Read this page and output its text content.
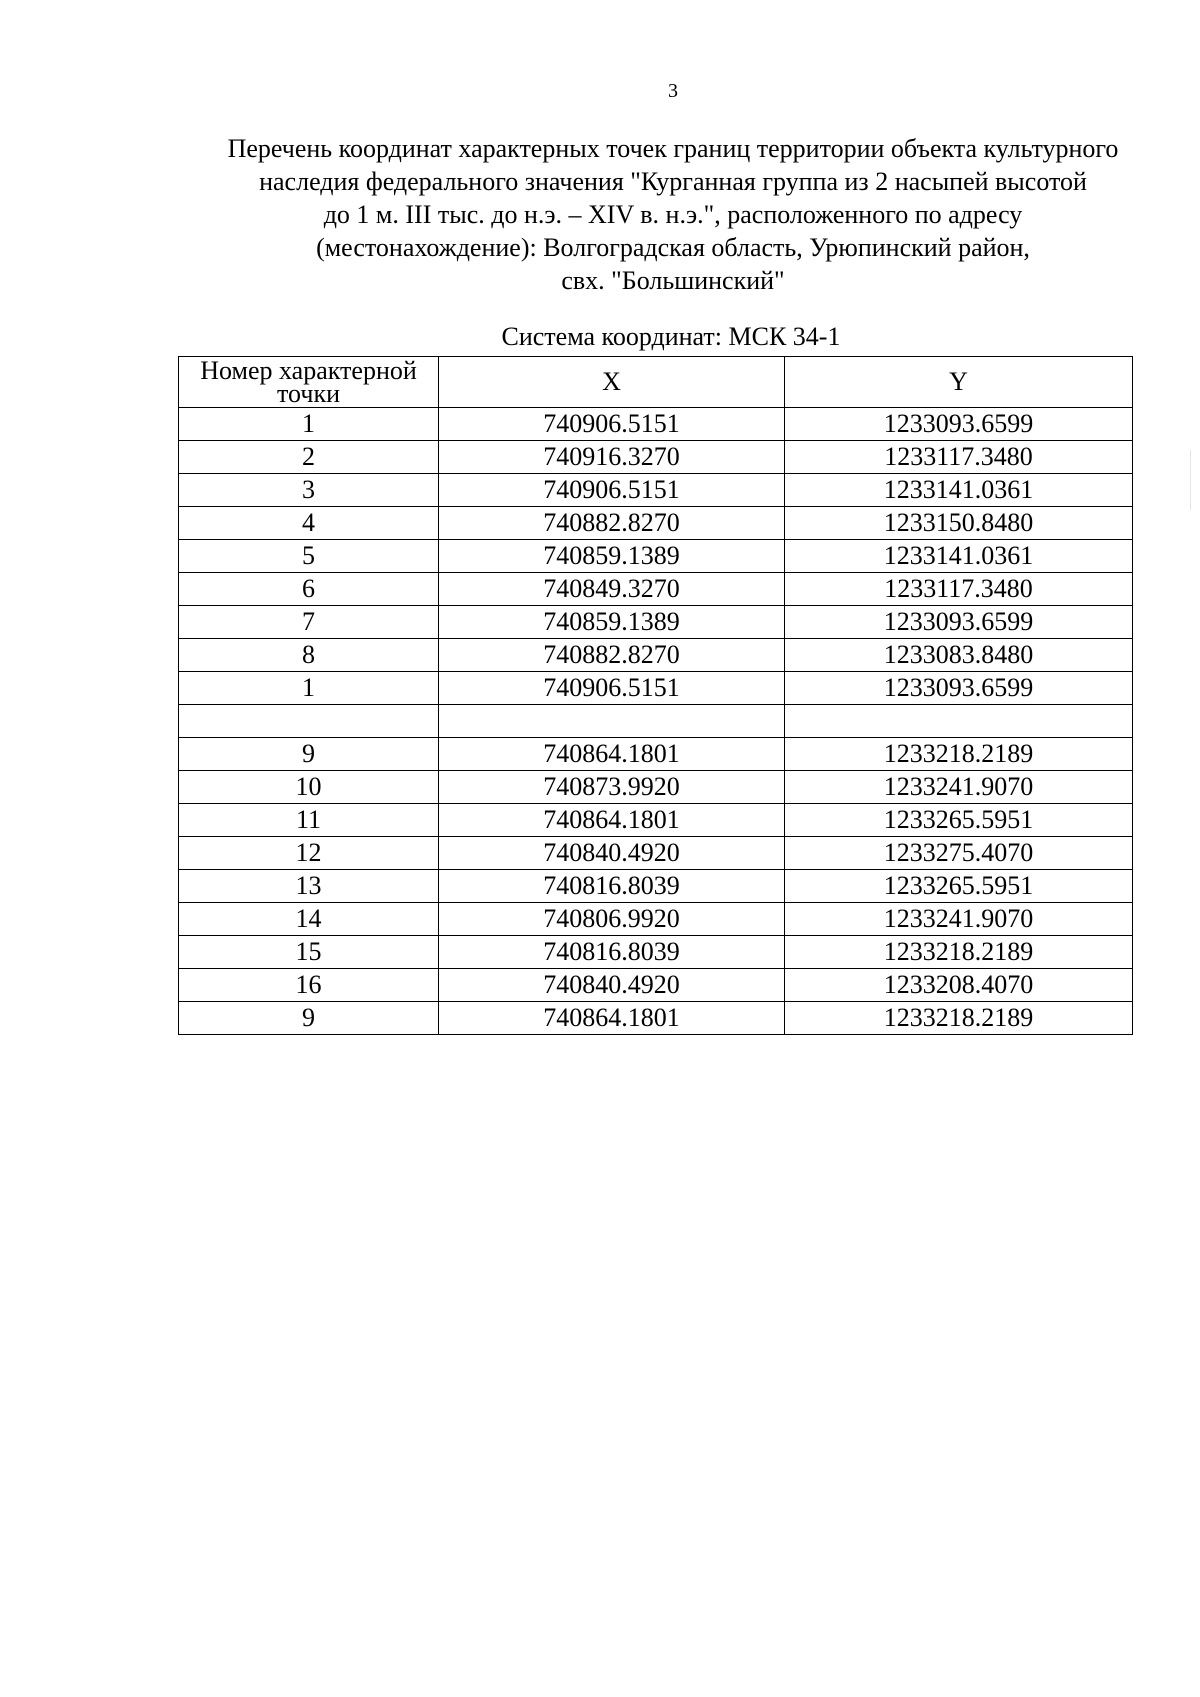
3
Перечень координат характерных точек границ территории объекта культурного
наследия федерального значения "Курганная группа из 2 насыпей высотой
до 1 м. III тыс. до н.э. – XIV в. н.э.", расположенного по адресу
(местонахождение): Волгоградская область, Урюпинский район,
свх. "Большинский"
Система координат: МСК 34-1
Номер характерной
точки	X	Y
1	740906.5151	1233093.6599
2	740916.3270	1233117.3480
3	740906.5151	1233141.0361
4	740882.8270	1233150.8480
5	740859.1389	1233141.0361
6	740849.3270	1233117.3480
7	740859.1389	1233093.6599
8	740882.8270	1233083.8480
1	740906.5151	1233093.6599

9	740864.1801	1233218.2189
10	740873.9920	1233241.9070
11	740864.1801	1233265.5951
12	740840.4920	1233275.4070
13	740816.8039	1233265.5951
14	740806.9920	1233241.9070
15	740816.8039	1233218.2189
16	740840.4920	1233208.4070
9	740864.1801	1233218.2189
